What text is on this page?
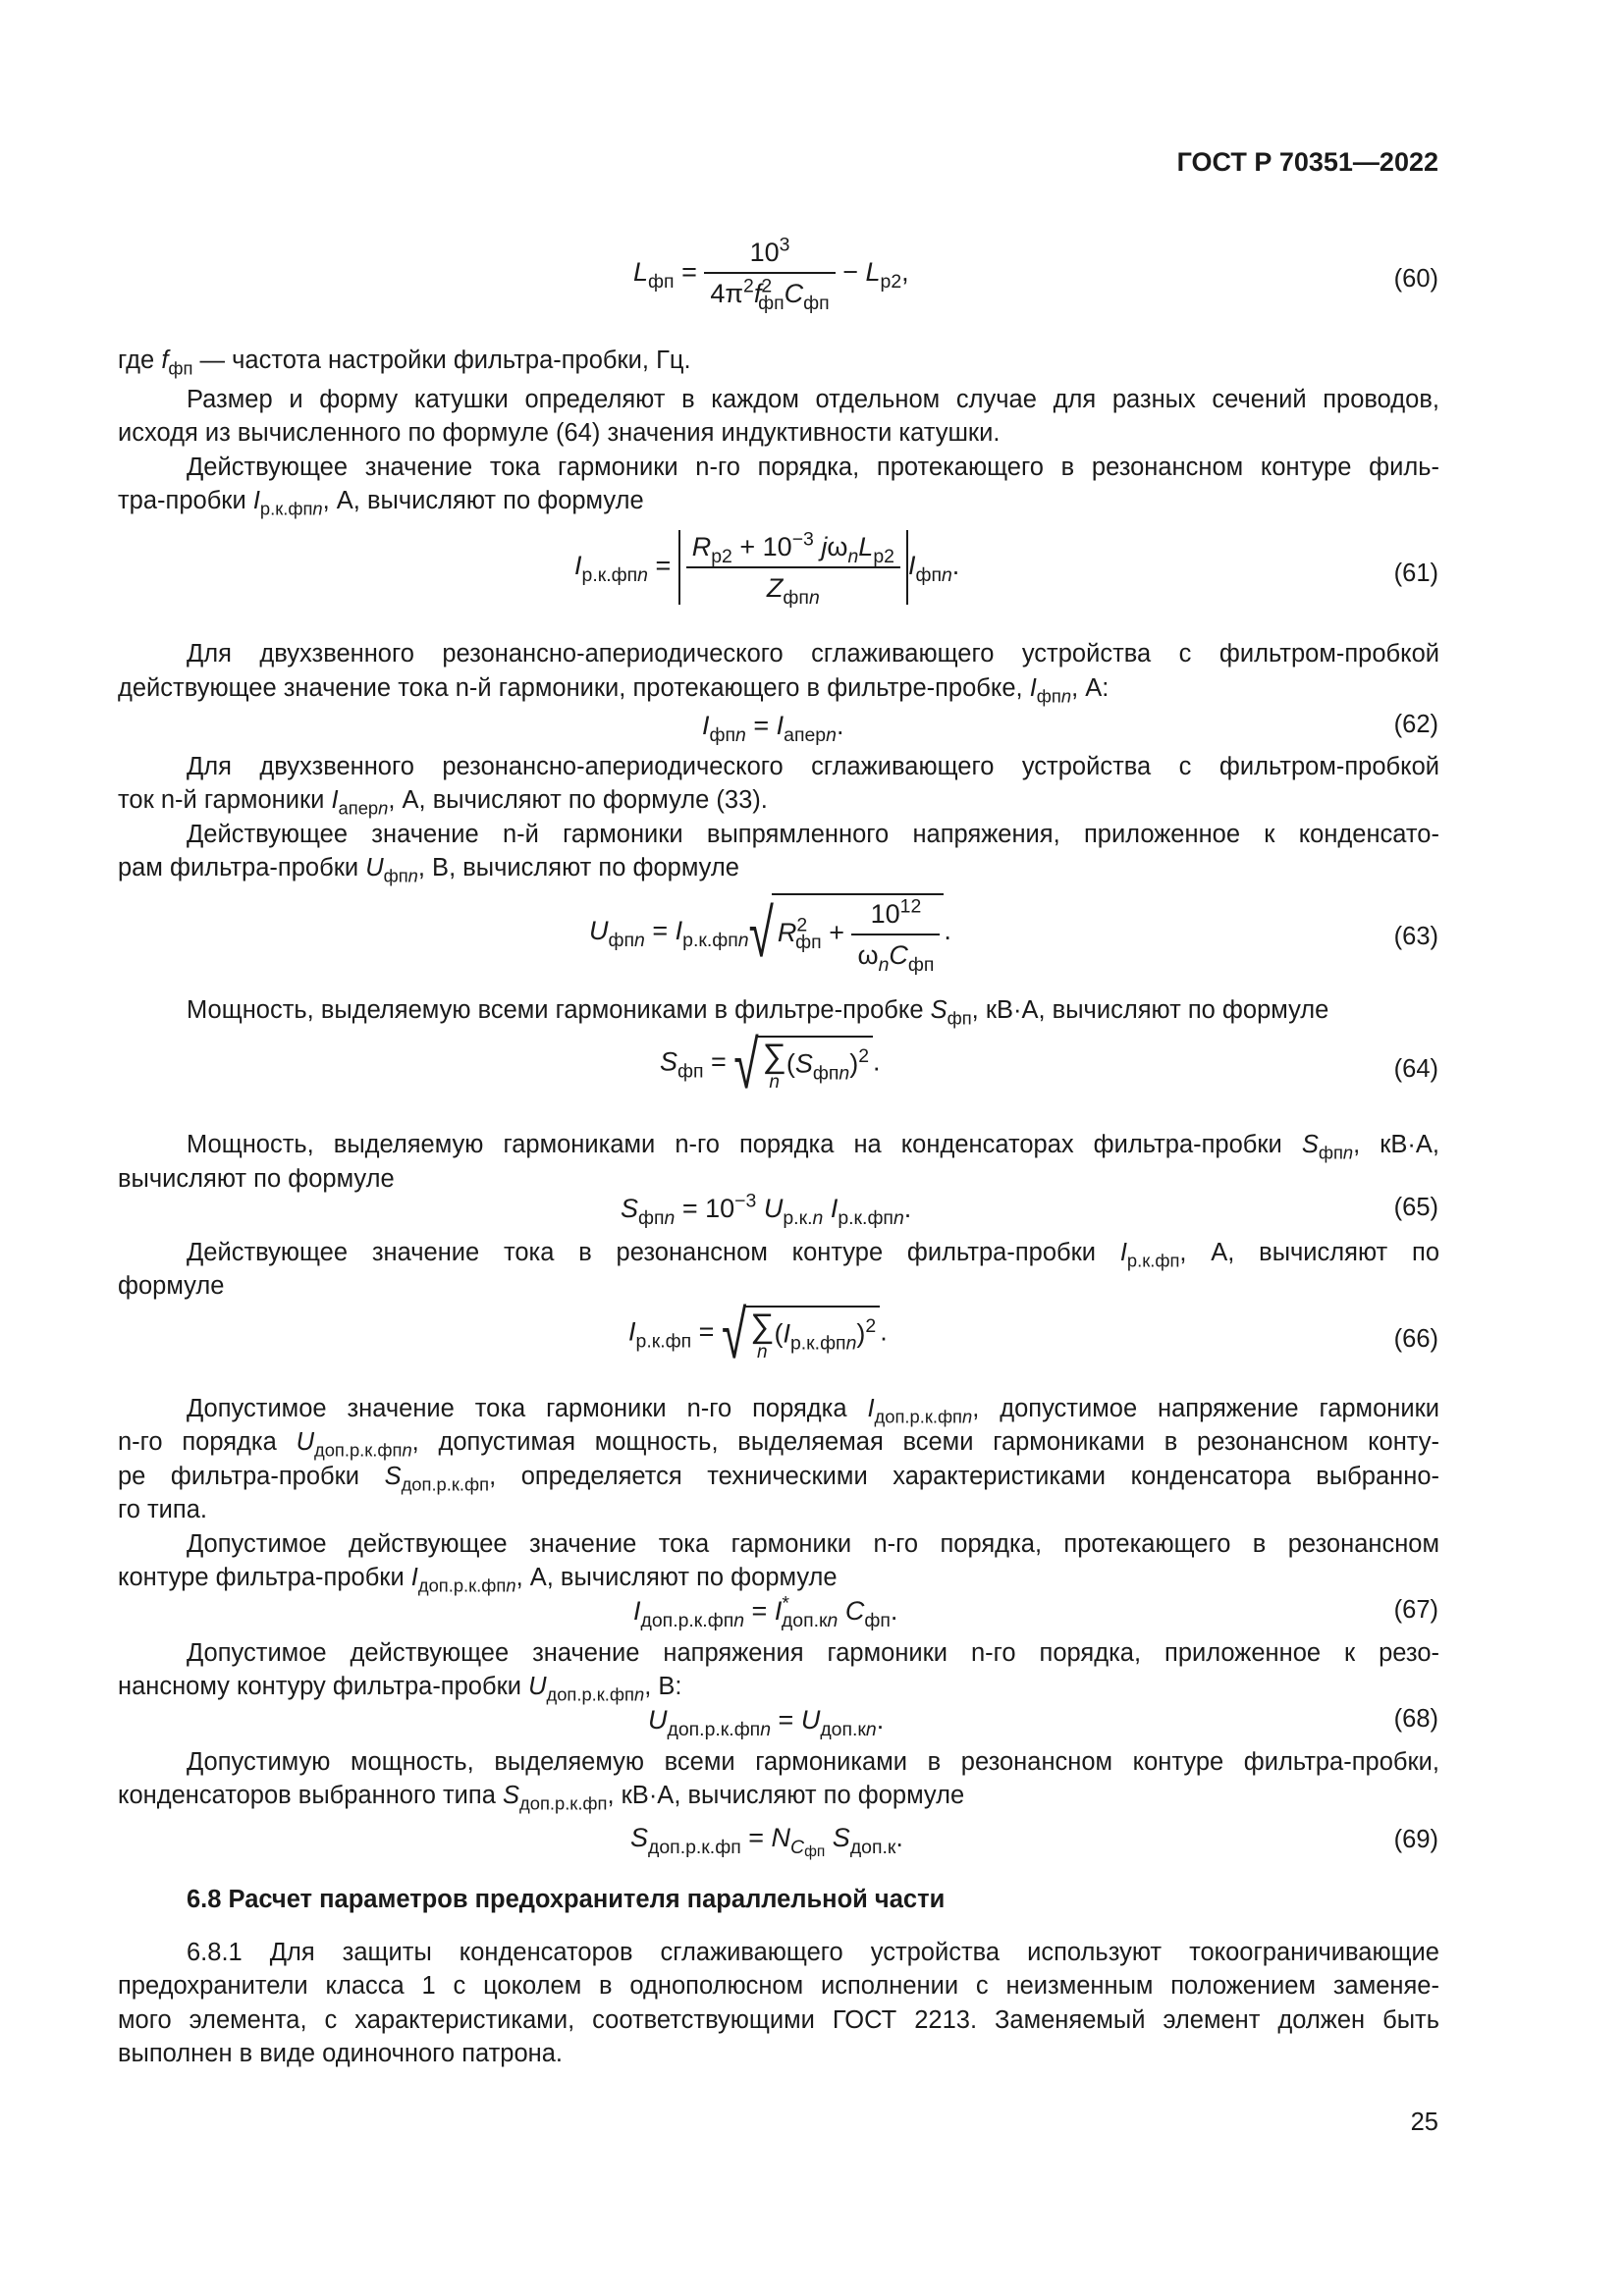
ГОСТ Р 70351—2022
$L_{фп} = \frac{10^3}{4\pi^2f^2_{фп}C_{фп}} - L_{р2}$,	(60)
где $f_{фп}$ — частота настройки фильтра-пробки, Гц.
Размер и форму катушки определяют в каждом отдельном случае для разных сечений проводов,
исходя из вычисленного по формуле (64) значения индуктивности катушки.
Действующее значение тока гармоники n-го порядка, протекающего в резонансном контуре филь-
тра-пробки $I_{р.к.фпn}$, А, вычисляют по формуле
$I_{р.к.фпn} = \frac{R_{р2} + 10^{-3} j\omega_nL_{р2}}{Z_{фпn}} I_{фпn}$.	(61)
Для двухзвенного резонансно-апериодического сглаживающего устройства с фильтром-пробкой
действующее значение тока n-й гармоники, протекающего в фильтре-пробке, $I_{фпn}$, А:
$I_{фпn} = I_{аперn}$.	(62)
Для двухзвенного резонансно-апериодического сглаживающего устройства с фильтром-пробкой
ток n-й гармоники $I_{аперn}$, А, вычисляют по формуле (33).
Действующее значение n-й гармоники выпрямленного напряжения, приложенное к конденсато-
рам фильтра-пробки $U_{фпn}$, В, вычисляют по формуле
$U_{фпn} = I_{р.к.фпn}√$ $R^2_{фп} + \frac{10^{12}}{\omega_nC_{фп}}$ .	(63)
Мощность, выделяемую всеми гармониками в фильтре-пробке $S_{фп}$, кВ·А, вычисляют по формуле
$S_{фп}$ = √ ∑
n
$(S_{фпn})^2$ .	(64)
Мощность, выделяемую гармониками n-го порядка на конденсаторах фильтра-пробки $S_{фпn}$, кВ·А,
вычисляют по формуле
$S_{фпn} = 10^{-3}$ $U_{р.к.n}$ $I_{р.к.фпn}$.	(65)
Действующее значение тока в резонансном контуре фильтра-пробки $I_{р.к.фп}$, А, вычисляют по
формуле
$I_{р.к.фп}$ = √ ∑
n
$(I_{р.к.фпn})^2$ .	(66)
Допустимое значение тока гармоники n-го порядка $I_{доп.р.к.фпn}$, допустимое напряжение гармоники
n-го порядка $U_{доп.р.к.фпn}$, допустимая мощность, выделяемая всеми гармониками в резонансном конту-
ре фильтра-пробки $S_{доп.р.к.фп}$, определяется техническими характеристиками конденсатора выбранно-
го типа.
Допустимое действующее значение тока гармоники n-го порядка, протекающего в резонансном
контуре фильтра-пробки $I_{доп.р.к.фпn}$, А, вычисляют по формуле
$I_{доп.р.к.фпn} = I^*_{доп.кn}$ $C_{фп}$.	(67)
Допустимое действующее значение напряжения гармоники n-го порядка, приложенное к резо-
нансному контуру фильтра-пробки $U_{доп.р.к.фпn}$, В:
$U_{доп.р.к.фпn} = U_{доп.кn}$.	(68)
Допустимую мощность, выделяемую всеми гармониками в резонансном контуре фильтра-пробки,
конденсаторов выбранного типа $S_{доп.р.к.фп}$, кВ·А, вычисляют по формуле
$S_{доп.р.к.фп} = N_{Cфп}$ $S_{доп.к}$.	(69)
6.8 Расчет параметров предохранителя параллельной части
6.8.1 Для защиты конденсаторов сглаживающего устройства используют токоограничивающие
предохранители класса 1 с цоколем в однополюсном исполнении с неизменным положением заменяе-
мого элемента, с характеристиками, соответствующими ГОСТ 2213. Заменяемый элемент должен быть
выполнен в виде одиночного патрона.
25
